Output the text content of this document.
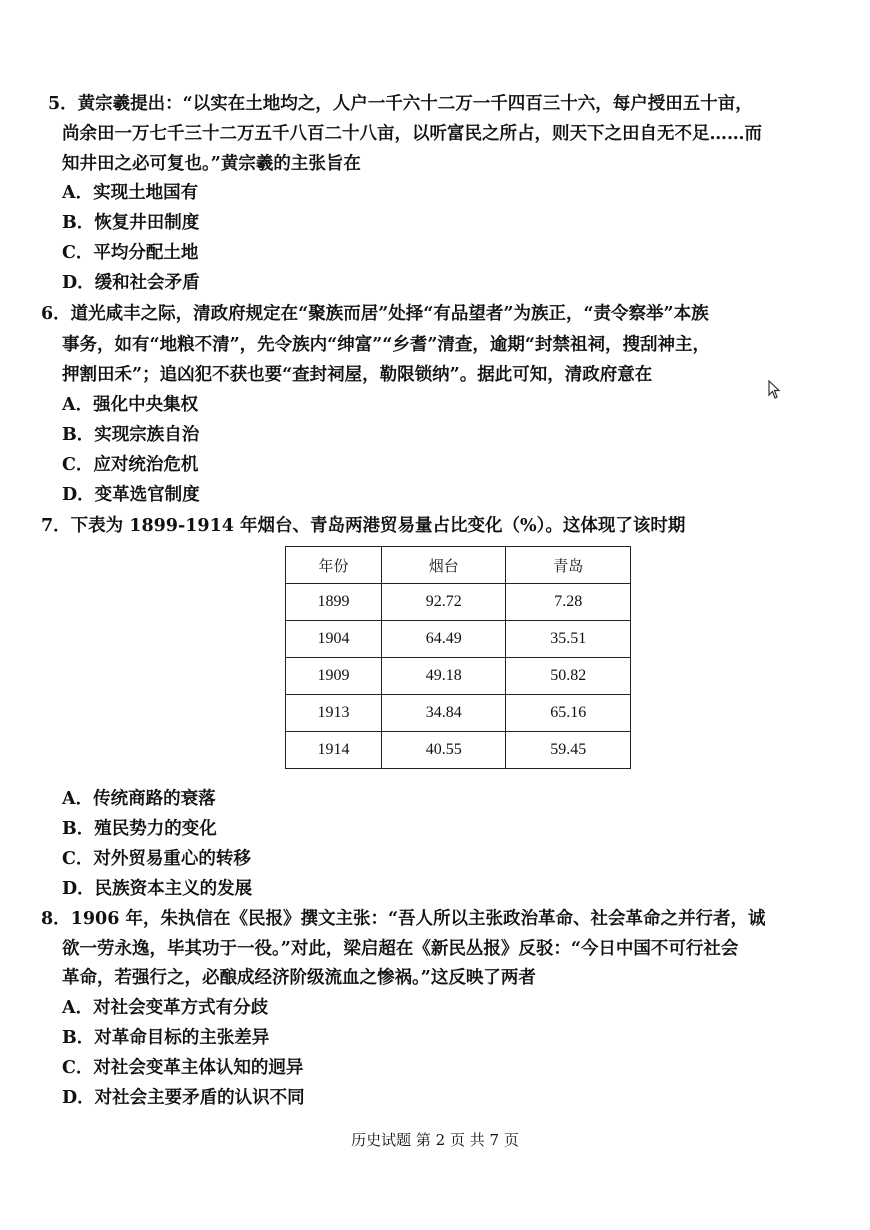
5．黄宗羲提出：“以实在土地均之，人户一千六十二万一千四百三十六，每户授田五十亩，
尚余田一万七千三十二万五千八百二十八亩，以听富民之所占，则天下之田自无不足……而
知井田之必可复也。”黄宗羲的主张旨在
A．实现土地国有
B．恢复井田制度
C．平均分配土地
D．缓和社会矛盾
6．道光咸丰之际，清政府规定在“聚族而居”处择“有品望者”为族正，“责令察举”本族
事务，如有“地粮不清”，先令族内“绅富”“乡耆”清查，逾期“封禁祖祠，搜刮神主，
押割田禾”；追凶犯不获也要“查封祠屋，勒限锁纳”。据此可知，清政府意在
A．强化中央集权
B．实现宗族自治
C．应对统治危机
D．变革选官制度
7．下表为 1899-1914 年烟台、青岛两港贸易量占比变化（%）。这体现了该时期
年份	烟台	青岛
1899	92.72	7.28
1904	64.49	35.51
1909	49.18	50.82
1913	34.84	65.16
1914	40.55	59.45
A．传统商路的衰落
B．殖民势力的变化
C．对外贸易重心的转移
D．民族资本主义的发展
8．1906 年，朱执信在《民报》撰文主张：“吾人所以主张政治革命、社会革命之并行者，诚
欲一劳永逸，毕其功于一役。”对此，梁启超在《新民丛报》反驳：“今日中国不可行社会
革命，若强行之，必酿成经济阶级流血之惨祸。”这反映了两者
A．对社会变革方式有分歧
B．对革命目标的主张差异
C．对社会变革主体认知的迥异
D．对社会主要矛盾的认识不同
历史试题 第 2 页 共 7 页
